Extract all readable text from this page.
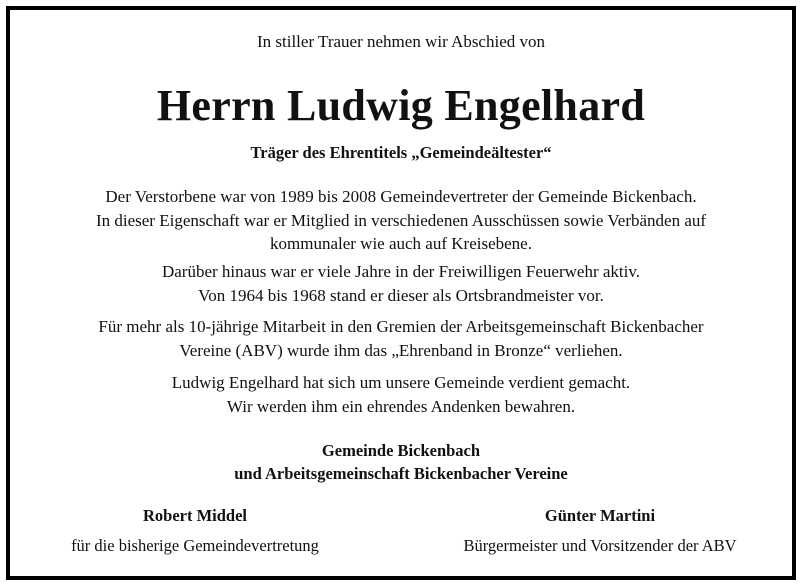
In stiller Trauer nehmen wir Abschied von
Herrn Ludwig Engelhard
Träger des Ehrentitels „Gemeindeältester“
Der Verstorbene war von 1989 bis 2008 Gemeindevertreter der Gemeinde Bickenbach.
In dieser Eigenschaft war er Mitglied in verschiedenen Ausschüssen sowie Verbänden auf
kommunaler wie auch auf Kreisebene.
Darüber hinaus war er viele Jahre in der Freiwilligen Feuerwehr aktiv.
Von 1964 bis 1968 stand er dieser als Ortsbrandmeister vor.
Für mehr als 10-jährige Mitarbeit in den Gremien der Arbeitsgemeinschaft Bickenbacher
Vereine (ABV) wurde ihm das „Ehrenband in Bronze“ verliehen.
Ludwig Engelhard hat sich um unsere Gemeinde verdient gemacht.
Wir werden ihm ein ehrendes Andenken bewahren.
Gemeinde Bickenbach
und Arbeitsgemeinschaft Bickenbacher Vereine
Robert Middel
für die bisherige Gemeindevertretung
Günter Martini
Bürgermeister und Vorsitzender der ABV
